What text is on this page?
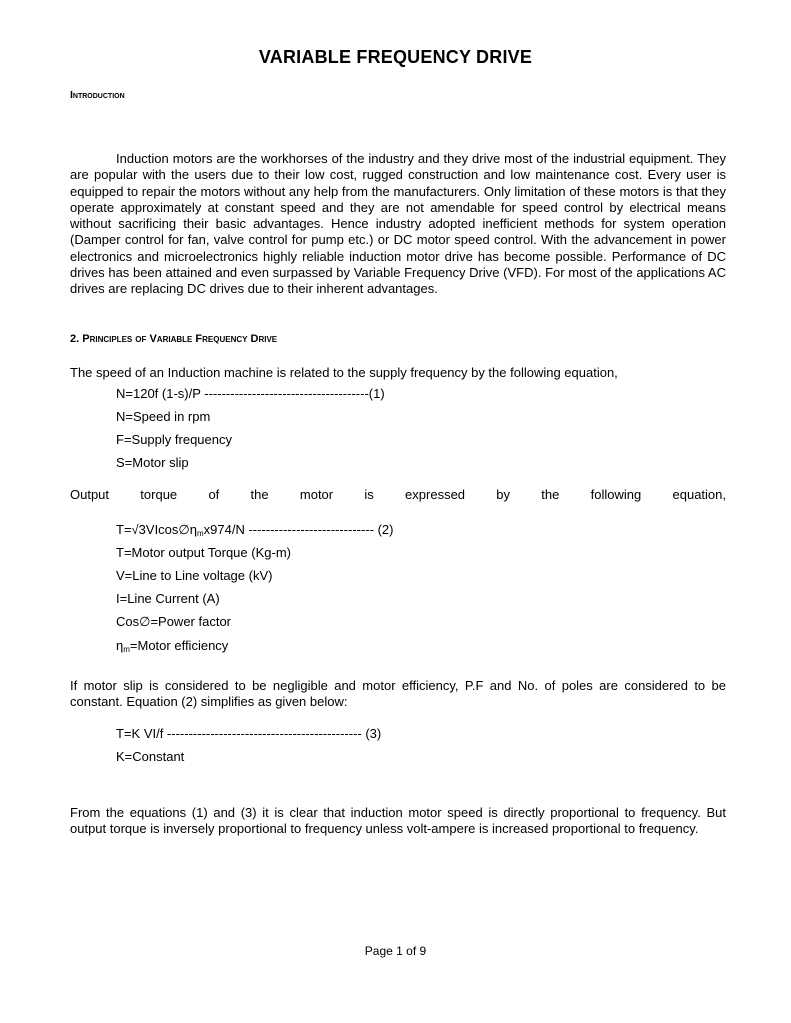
VARIABLE FREQUENCY DRIVE
Introduction

Induction motors are the workhorses of the industry and they drive most of the industrial equipment. They are popular with the users due to their low cost, rugged construction and low maintenance cost. Every user is equipped to repair the motors without any help from the manufacturers. Only limitation of these motors is that they operate approximately at constant speed and they are not amendable for speed control by electrical means without sacrificing their basic advantages. Hence industry adopted inefficient methods for system operation (Damper control for fan, valve control for pump etc.) or DC motor speed control. With the advancement in power electronics and microelectronics highly reliable induction motor drive has become possible. Performance of DC drives has been attained and even surpassed by Variable Frequency Drive (VFD). For most of the applications AC drives are replacing DC drives due to their inherent advantages.

2. Principles of Variable Frequency Drive
The speed of an Induction machine is related to the supply frequency by the following equation,
N=120f (1-s)/P --------------------------------------(1)
N=Speed in rpm
F=Supply frequency
S=Motor slip
Output torque of the motor is expressed by the following equation,
$T=√3VIcos\emptyset\eta_mx974/N$ ----------------------------- (2)
T=Motor output Torque (Kg-m)
V=Line to Line voltage (kV)
I=Line Current (A)
Cos∅=Power factor
$\eta_m=Motor$ efficiency

If motor slip is considered to be negligible and motor efficiency, P.F and No. of poles are considered to be constant. Equation (2) simplifies as given below:

T=K VI/f --------------------------------------------- (3)
K=Constant

From the equations (1) and (3) it is clear that induction motor speed is directly proportional to frequency. But output torque is inversely proportional to frequency unless volt-ampere is increased proportional to frequency.

Page 1 of 9
